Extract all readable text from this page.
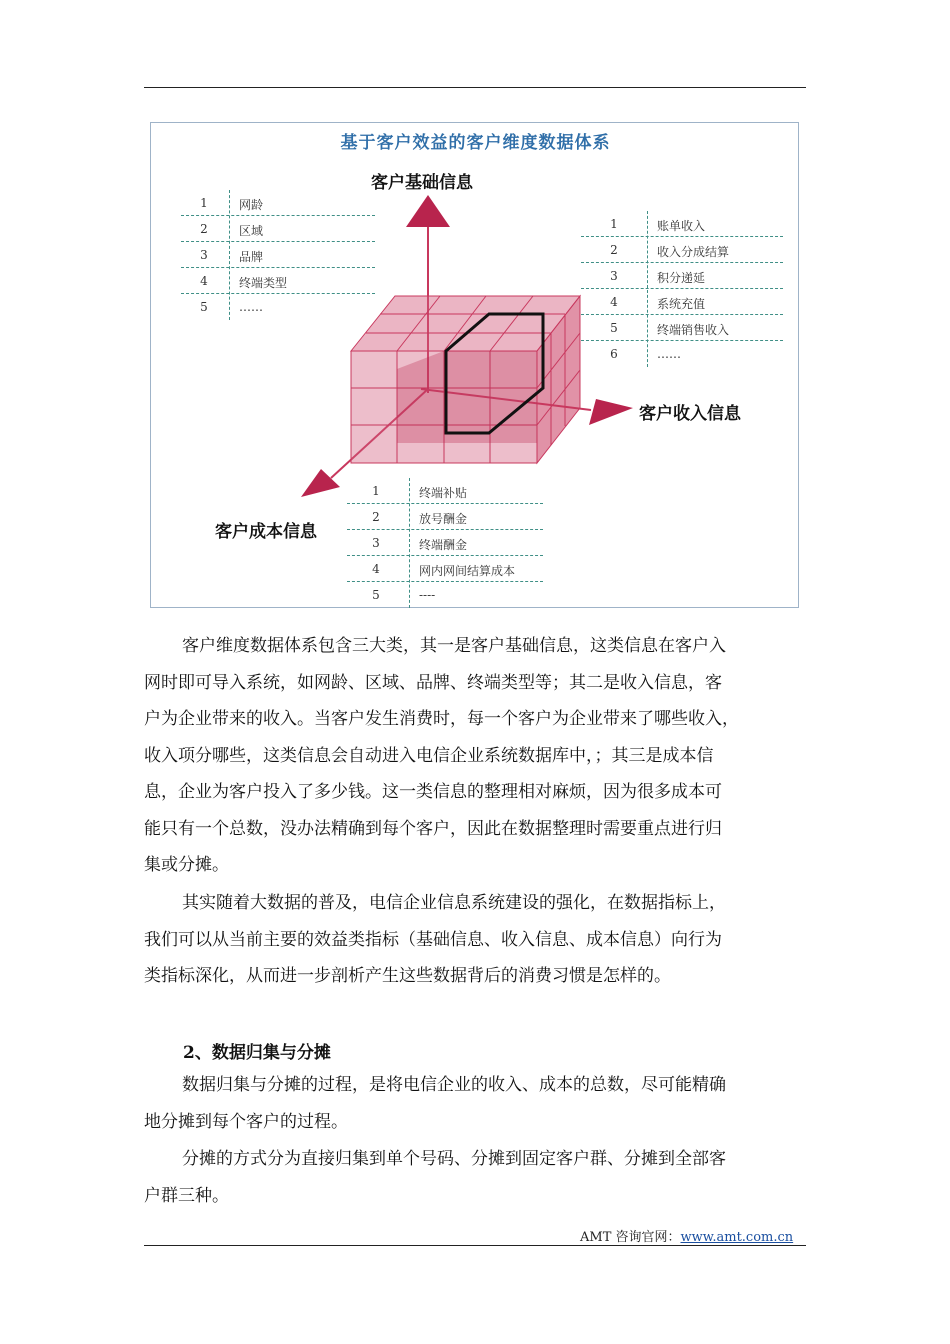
基于客户效益的客户维度数据体系
客户基础信息
客户收入信息
客户成本信息
1	网龄
2	区域
3	品牌
4	终端类型
5	……
1	账单收入
2	收入分成结算
3	积分递延
4	系统充值
5	终端销售收入
6	……
1	终端补贴
2	放号酬金
3	终端酬金
4	网内网间结算成本
5	----
客户维度数据体系包含三大类，其一是客户基础信息，这类信息在客户入
网时即可导入系统，如网龄、区域、品牌、终端类型等；其二是收入信息，客
户为企业带来的收入。当客户发生消费时，每一个客户为企业带来了哪些收入，
收入项分哪些，这类信息会自动进入电信企业系统数据库中，；其三是成本信
息，企业为客户投入了多少钱。这一类信息的整理相对麻烦，因为很多成本可
能只有一个总数，没办法精确到每个客户，因此在数据整理时需要重点进行归
集或分摊。
其实随着大数据的普及，电信企业信息系统建设的强化，在数据指标上，
我们可以从当前主要的效益类指标（基础信息、收入信息、成本信息）向行为
类指标深化，从而进一步剖析产生这些数据背后的消费习惯是怎样的。
2、数据归集与分摊
数据归集与分摊的过程，是将电信企业的收入、成本的总数，尽可能精确
地分摊到每个客户的过程。
分摊的方式分为直接归集到单个号码、分摊到固定客户群、分摊到全部客
户群三种。
AMT 咨询官网：www.amt.com.cn
